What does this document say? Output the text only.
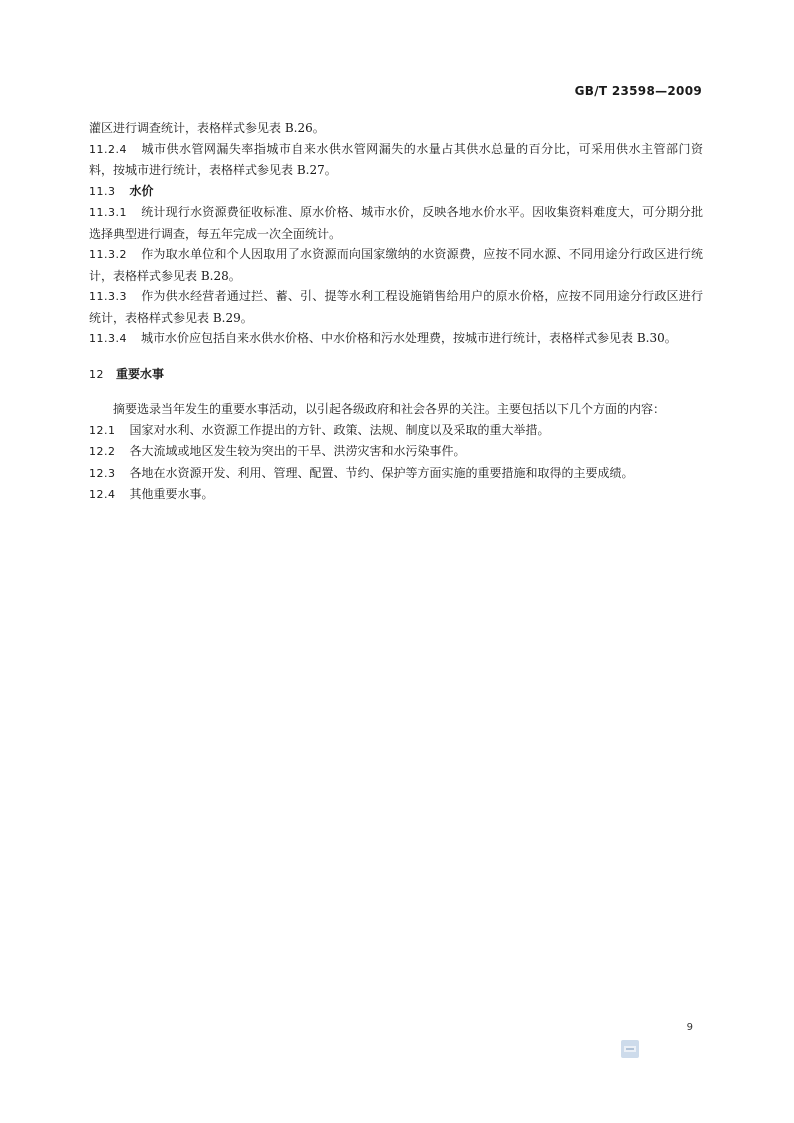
GB/T 23598—2009

灌区进行调查统计，表格样式参见表 B.26。

11.2.4 城市供水管网漏失率指城市自来水供水管网漏失的水量占其供水总量的百分比，可采用供水主管部门资料，按城市进行统计，表格样式参见表 B.27。

11.3 水价

11.3.1 统计现行水资源费征收标准、原水价格、城市水价，反映各地水价水平。因收集资料难度大，可分期分批选择典型进行调查，每五年完成一次全面统计。

11.3.2 作为取水单位和个人因取用了水资源而向国家缴纳的水资源费，应按不同水源、不同用途分行政区进行统计，表格样式参见表 B.28。

11.3.3 作为供水经营者通过拦、蓄、引、提等水利工程设施销售给用户的原水价格，应按不同用途分行政区进行统计，表格样式参见表 B.29。

11.3.4 城市水价应包括自来水供水价格、中水价格和污水处理费，按城市进行统计，表格样式参见表 B.30。

12 重要水事

摘要选录当年发生的重要水事活动，以引起各级政府和社会各界的关注。主要包括以下几个方面的内容：

12.1 国家对水利、水资源工作提出的方针、政策、法规、制度以及采取的重大举措。

12.2 各大流域或地区发生较为突出的干旱、洪涝灾害和水污染事件。

12.3 各地在水资源开发、利用、管理、配置、节约、保护等方面实施的重要措施和取得的主要成绩。

12.4 其他重要水事。

9
